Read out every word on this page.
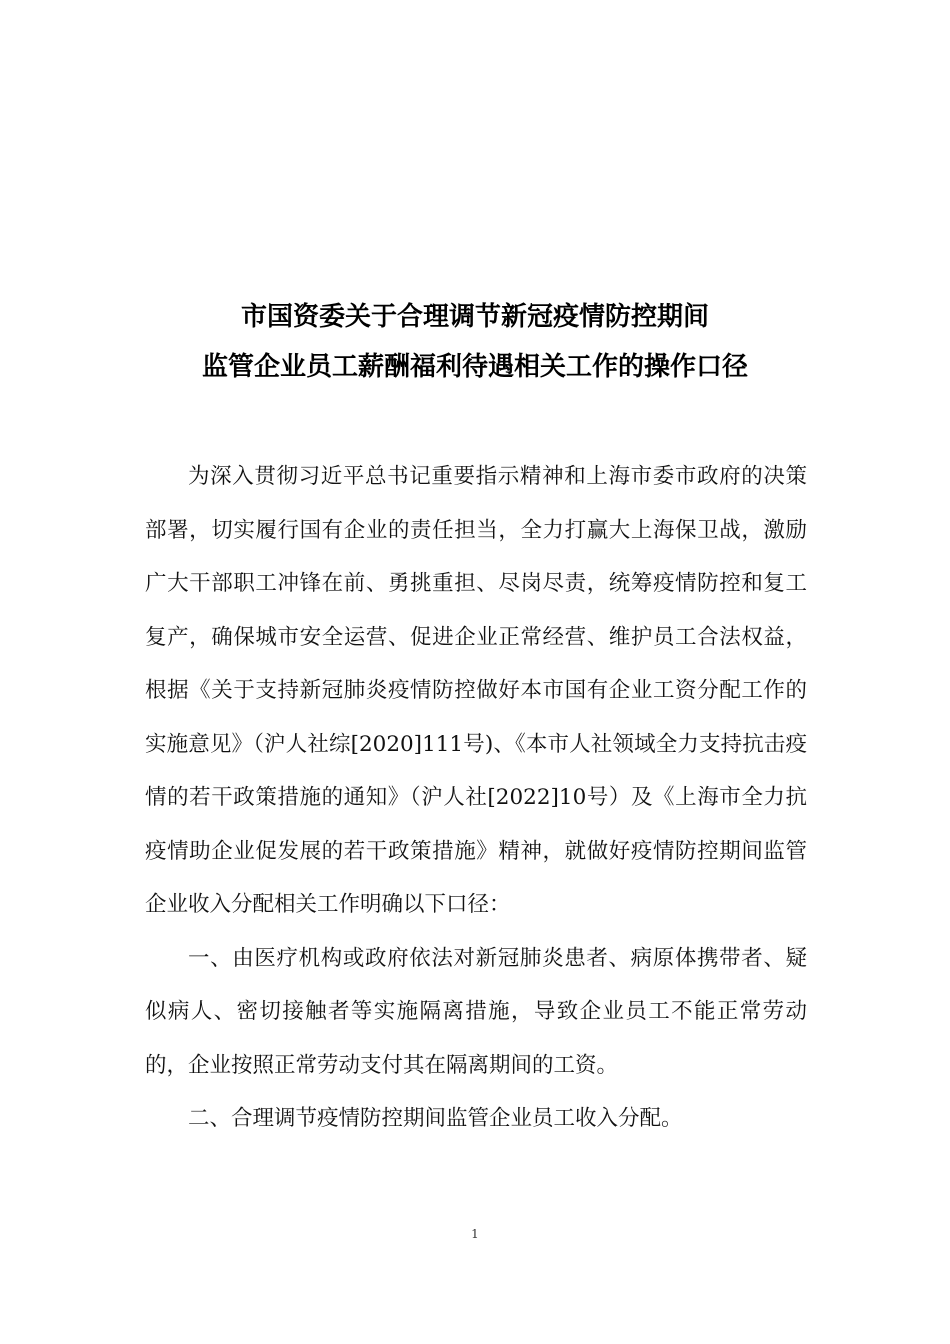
市国资委关于合理调节新冠疫情防控期间
监管企业员工薪酬福利待遇相关工作的操作口径

为深入贯彻习近平总书记重要指示精神和上海市委市政府的决策部署，切实履行国有企业的责任担当，全力打赢大上海保卫战，激励广大干部职工冲锋在前、勇挑重担、尽岗尽责，统筹疫情防控和复工复产，确保城市安全运营、促进企业正常经营、维护员工合法权益，根据《关于支持新冠肺炎疫情防控做好本市国有企业工资分配工作的实施意见》（沪人社综[2020]111号)、《本市人社领域全力支持抗击疫情的若干政策措施的通知》（沪人社[2022]10号）及《上海市全力抗疫情助企业促发展的若干政策措施》精神，就做好疫情防控期间监管企业收入分配相关工作明确以下口径：

一、由医疗机构或政府依法对新冠肺炎患者、病原体携带者、疑似病人、密切接触者等实施隔离措施，导致企业员工不能正常劳动的，企业按照正常劳动支付其在隔离期间的工资。

二、合理调节疫情防控期间监管企业员工收入分配。

1
